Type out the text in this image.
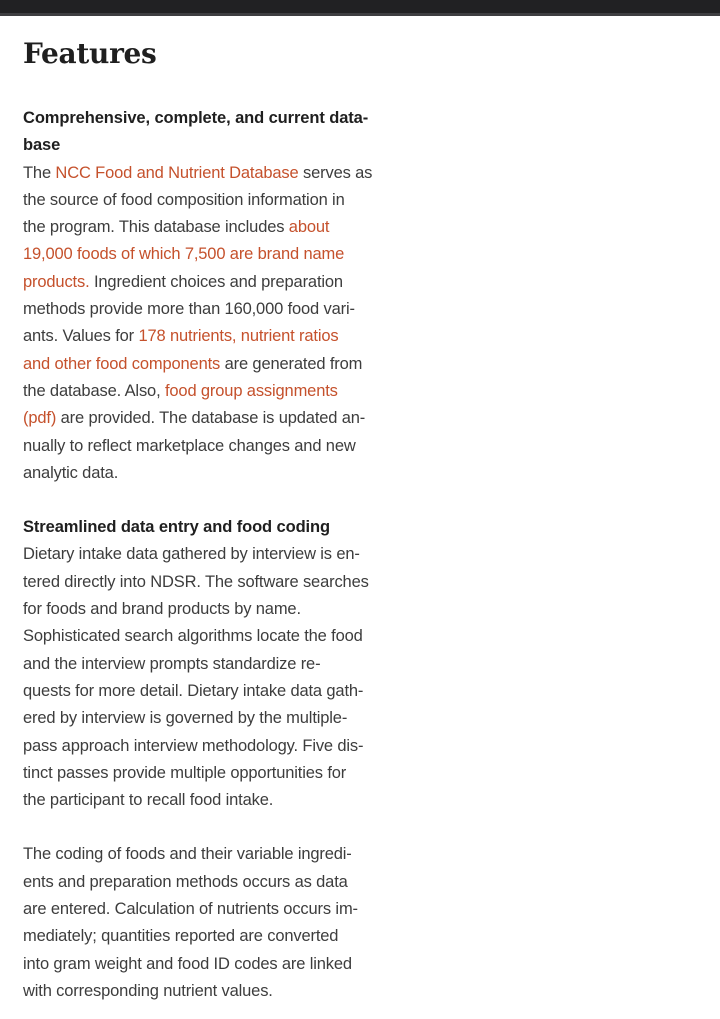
Features
Comprehensive, complete, and current data-
base
The NCC Food and Nutrient Database serves as
the source of food composition information in
the program. This database includes about
19,000 foods of which 7,500 are brand name
products. Ingredient choices and preparation
methods provide more than 160,000 food vari-
ants. Values for 178 nutrients, nutrient ratios
and other food components are generated from
the database. Also, food group assignments
(pdf) are provided. The database is updated an-
nually to reflect marketplace changes and new
analytic data.
Streamlined data entry and food coding
Dietary intake data gathered by interview is en-
tered directly into NDSR. The software searches
for foods and brand products by name.
Sophisticated search algorithms locate the food
and the interview prompts standardize re-
quests for more detail. Dietary intake data gath-
ered by interview is governed by the multiple-
pass approach interview methodology. Five dis-
tinct passes provide multiple opportunities for
the participant to recall food intake.
The coding of foods and their variable ingredi-
ents and preparation methods occurs as data
are entered. Calculation of nutrients occurs im-
mediately; quantities reported are converted
into gram weight and food ID codes are linked
with corresponding nutrient values.
